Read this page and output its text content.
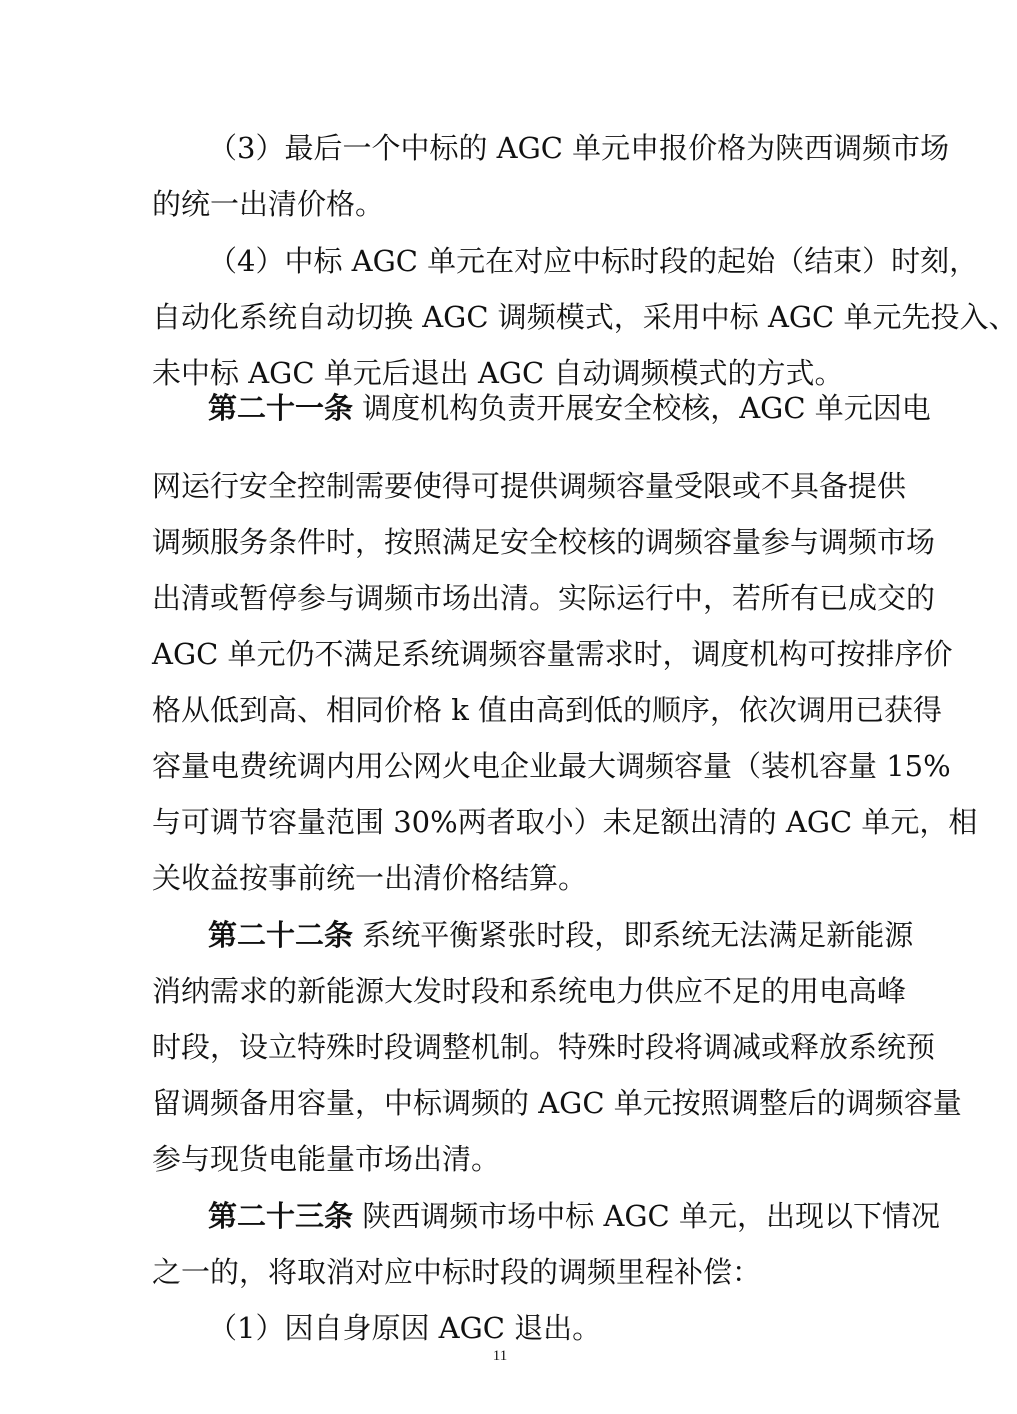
（3）最后一个中标的 AGC 单元申报价格为陕西调频市场
的统一出清价格。
（4）中标 AGC 单元在对应中标时段的起始（结束）时刻，
自动化系统自动切换 AGC 调频模式，采用中标 AGC 单元先投入、
未中标 AGC 单元后退出 AGC 自动调频模式的方式。
第二十一条 调度机构负责开展安全校核，AGC 单元因电
网运行安全控制需要使得可提供调频容量受限或不具备提供
调频服务条件时，按照满足安全校核的调频容量参与调频市场
出清或暂停参与调频市场出清。实际运行中，若所有已成交的
AGC 单元仍不满足系统调频容量需求时，调度机构可按排序价
格从低到高、相同价格 k 值由高到低的顺序，依次调用已获得
容量电费统调内用公网火电企业最大调频容量（装机容量 15%
与可调节容量范围 30%两者取小）未足额出清的 AGC 单元，相
关收益按事前统一出清价格结算。
第二十二条 系统平衡紧张时段，即系统无法满足新能源
消纳需求的新能源大发时段和系统电力供应不足的用电高峰
时段，设立特殊时段调整机制。特殊时段将调减或释放系统预
留调频备用容量，中标调频的 AGC 单元按照调整后的调频容量
参与现货电能量市场出清。
第二十三条 陕西调频市场中标 AGC 单元，出现以下情况
之一的，将取消对应中标时段的调频里程补偿：
（1）因自身原因 AGC 退出。
11
